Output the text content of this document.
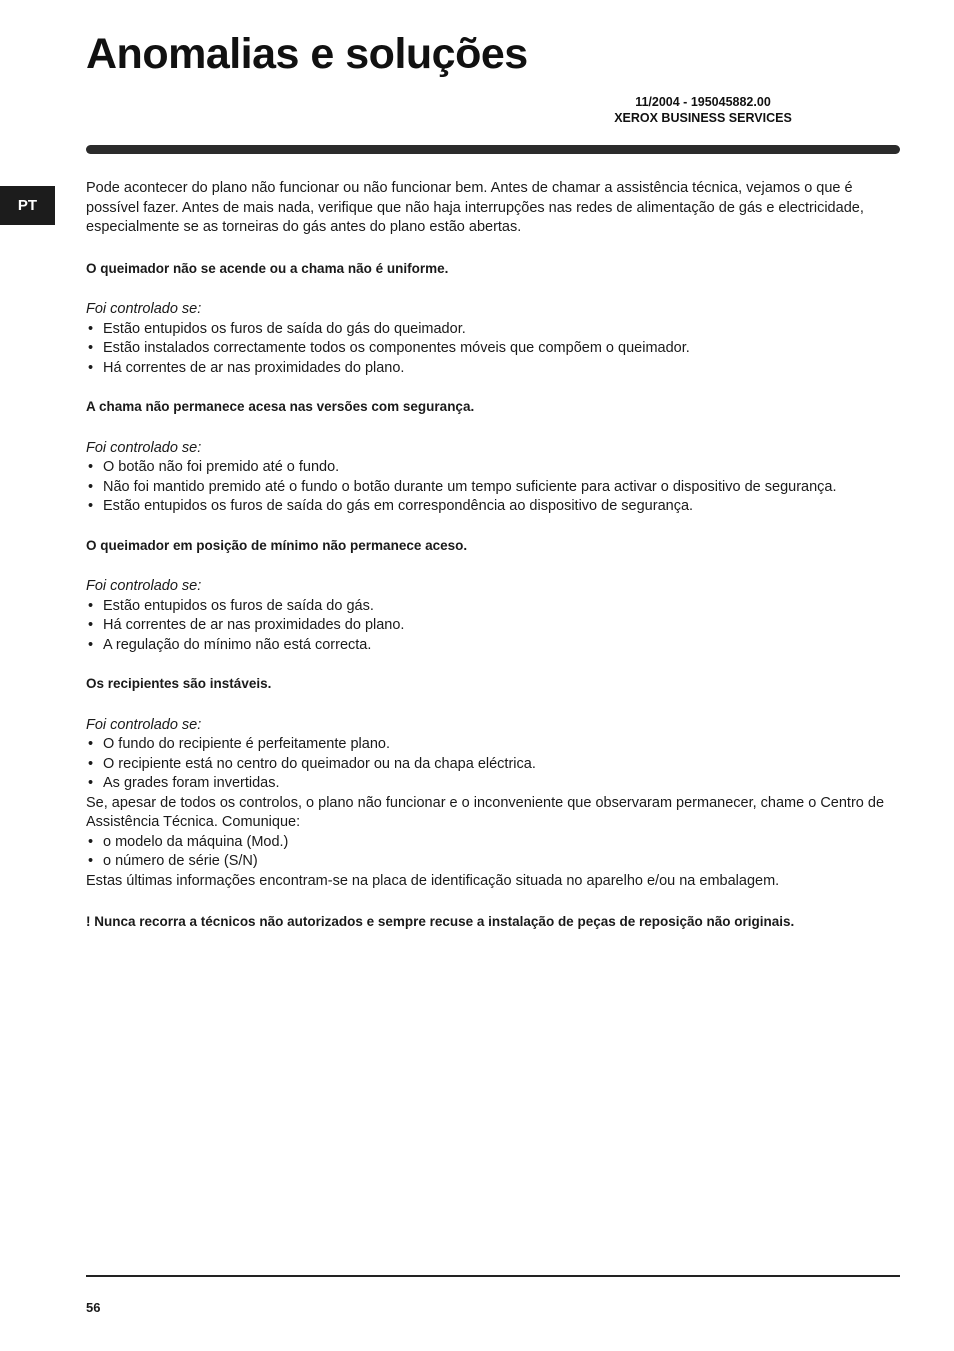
Anomalias e soluções
11/2004 - 195045882.00
XEROX BUSINESS SERVICES
PT

Pode acontecer do plano não funcionar ou não funcionar bem. Antes de chamar a assistência técnica, vejamos o que é possível fazer. Antes de mais nada, verifique que não haja interrupções nas redes de alimentação de gás e electricidade, especialmente se as torneiras do gás antes do plano estão abertas.

O queimador não se acende ou a chama não é uniforme.

Foi controlado se:

• Estão entupidos os furos de saída do gás do queimador.
• Estão instalados correctamente todos os componentes móveis que compõem o queimador.
• Há correntes de ar nas proximidades do plano.

A chama não permanece acesa nas versões com segurança.

Foi controlado se:

• O botão não foi premido até o fundo.
• Não foi mantido premido até o fundo o botão durante um tempo suficiente para activar o dispositivo de segurança.
• Estão entupidos os furos de saída do gás em correspondência ao dispositivo de segurança.

O queimador em posição de mínimo não permanece aceso.

Foi controlado se:

• Estão entupidos os furos de saída do gás.
• Há correntes de ar nas proximidades do plano.
• A regulação do mínimo não está correcta.

Os recipientes são instáveis.

Foi controlado se:

• O fundo do recipiente é perfeitamente plano.
• O recipiente está no centro do queimador ou na da chapa eléctrica.
• As grades foram invertidas.

Se, apesar de todos os controlos, o plano não funcionar e o inconveniente que observaram permanecer, chame o Centro de Assistência Técnica. Comunique:

• o modelo da máquina (Mod.)
• o número de série (S/N)

Estas últimas informações encontram-se na placa de identificação situada no aparelho e/ou na embalagem.

! Nunca recorra a técnicos não autorizados e sempre recuse a instalação de peças de reposição não originais.

56
